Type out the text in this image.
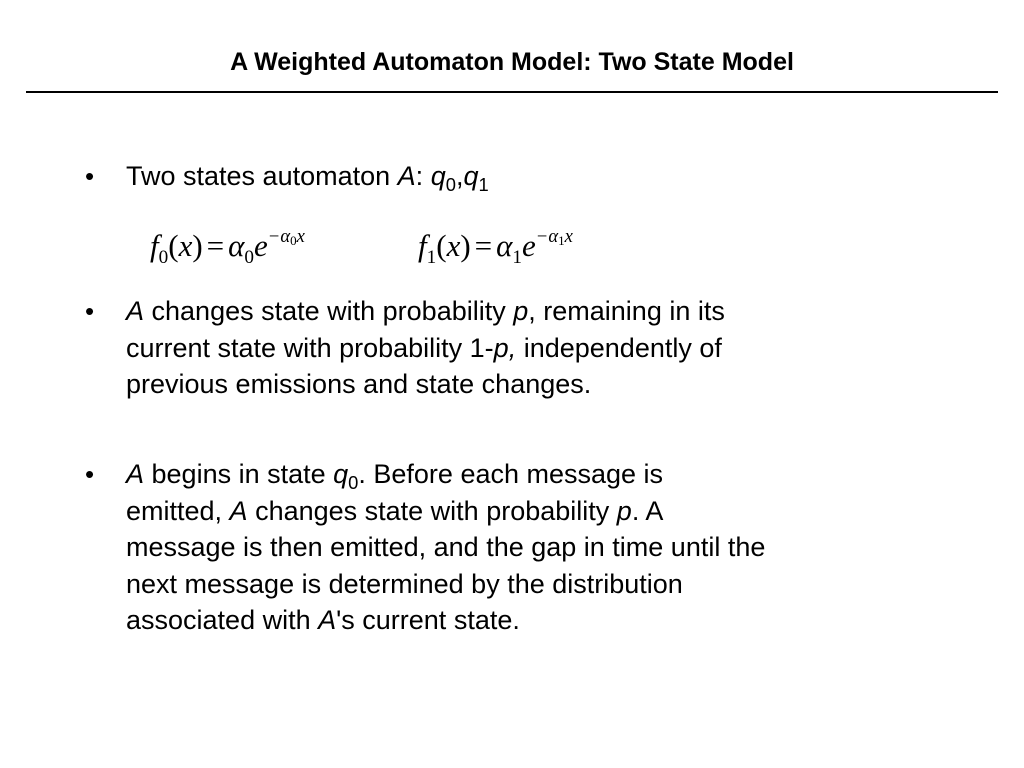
A Weighted Automaton Model: Two State Model
• Two states automaton A: $q_0,q_1$
$f_0(x) = \alpha_0e^{-\alpha 0x}$	$f_1(x) = \alpha_1e^{-\alpha 1x}$
• A changes state with probability p, remaining in its
current state with probability 1-p, independently of
previous emissions and state changes.
• A begins in state $q_0$. Before each message is
emitted, A changes state with probability p. A
message is then emitted, and the gap in time until the
next message is determined by the distribution
associated with A's current state.
